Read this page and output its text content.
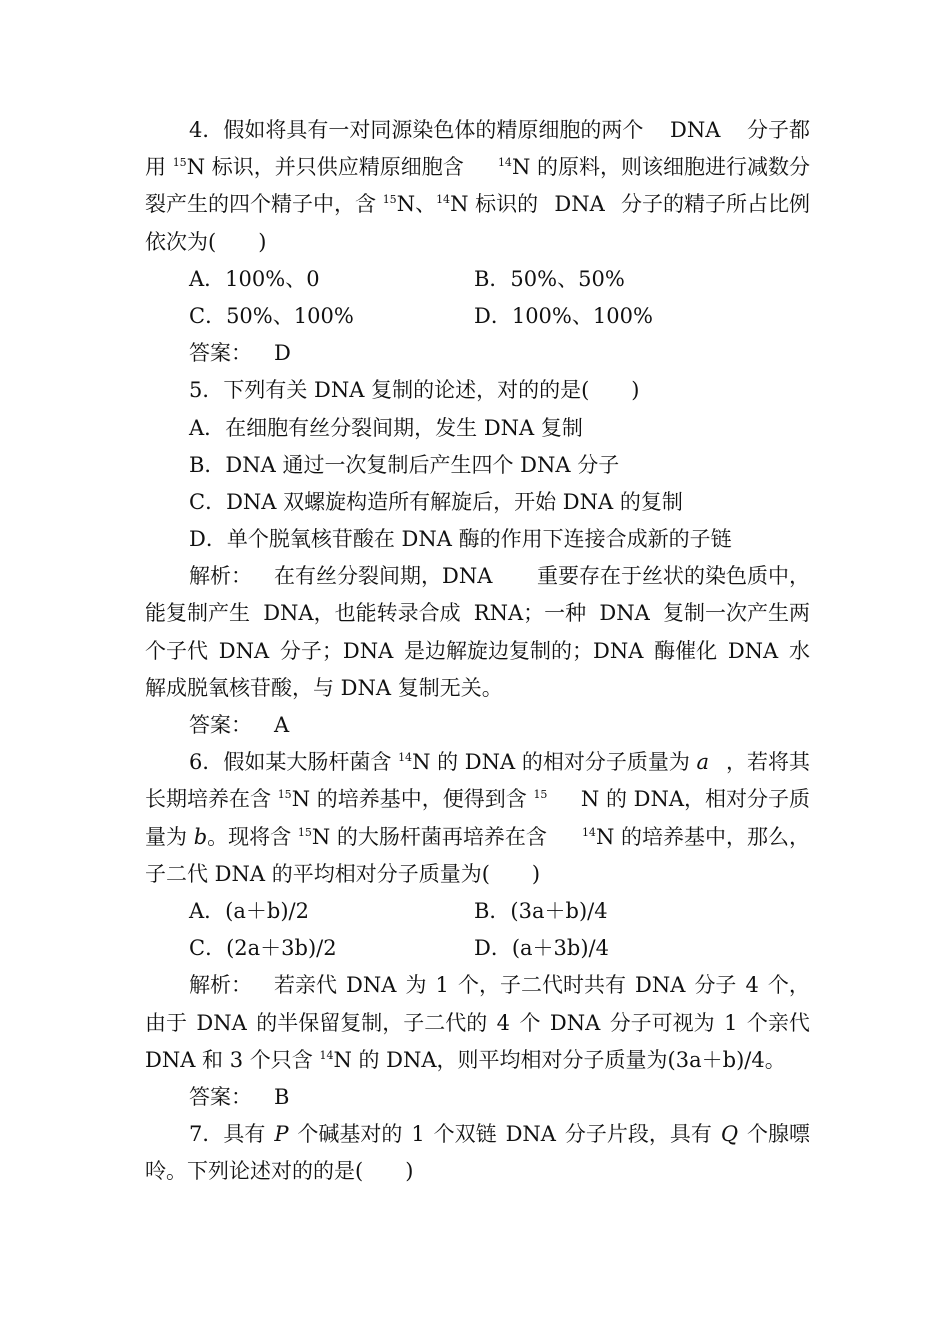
4．假如将具有一对同源染色体的精原细胞的两个 DNA 分子都
用 $^{15}$N 标识，并只供应精原细胞含	$^{14}$N 的原料，则该细胞进行减数分
裂产生的四个精子中，含 $^{15}$N、$^{14}$N 标识的 DNA 分子的精子所占比例
依次为(　　)
A．100%、0	B．50%、50%
C．50%、100%	D．100%、100%
答案： D
5．下列有关 DNA 复制的论述，对的的是(　　)
A．在细胞有丝分裂间期，发生 DNA 复制
B．DNA 通过一次复制后产生四个 DNA 分子
C．DNA 双螺旋构造所有解旋后，开始 DNA 的复制
D．单个脱氧核苷酸在 DNA 酶的作用下连接合成新的子链
解析： 在有丝分裂间期，DNA 重要存在于丝状的染色质中，
能复制产生 DNA，也能转录合成 RNA；一种 DNA 复制一次产生两
个子代 DNA 分子；DNA 是边解旋边复制的；DNA 酶催化 DNA 水
解成脱氧核苷酸，与 DNA 复制无关。
答案： A
6．假如某大肠杆菌含 $^{14}$N 的 DNA 的相对分子质量为 a ，若将其
长期培养在含 $^{15}$N 的培养基中，便得到含 $^{15}$ N 的 DNA，相对分子质
量为 b。现将含 $^{15}$N 的大肠杆菌再培养在含	$^{14}$N 的培养基中，那么，
子二代 DNA 的平均相对分子质量为(　　)
A．(a＋b)/2	B．(3a＋b)/4
C．(2a＋3b)/2	D．(a＋3b)/4
解析： 若亲代 DNA 为 1 个，子二代时共有 DNA 分子 4 个，
由于 DNA 的半保留复制，子二代的 4 个 DNA 分子可视为 1 个亲代
DNA 和 3 个只含 $^{14}$N 的 DNA，则平均相对分子质量为(3a＋b)/4。
答案： B
7．具有 P 个碱基对的 1 个双链 DNA 分子片段，具有 Q 个腺嘌
呤。下列论述对的的是(　　)
